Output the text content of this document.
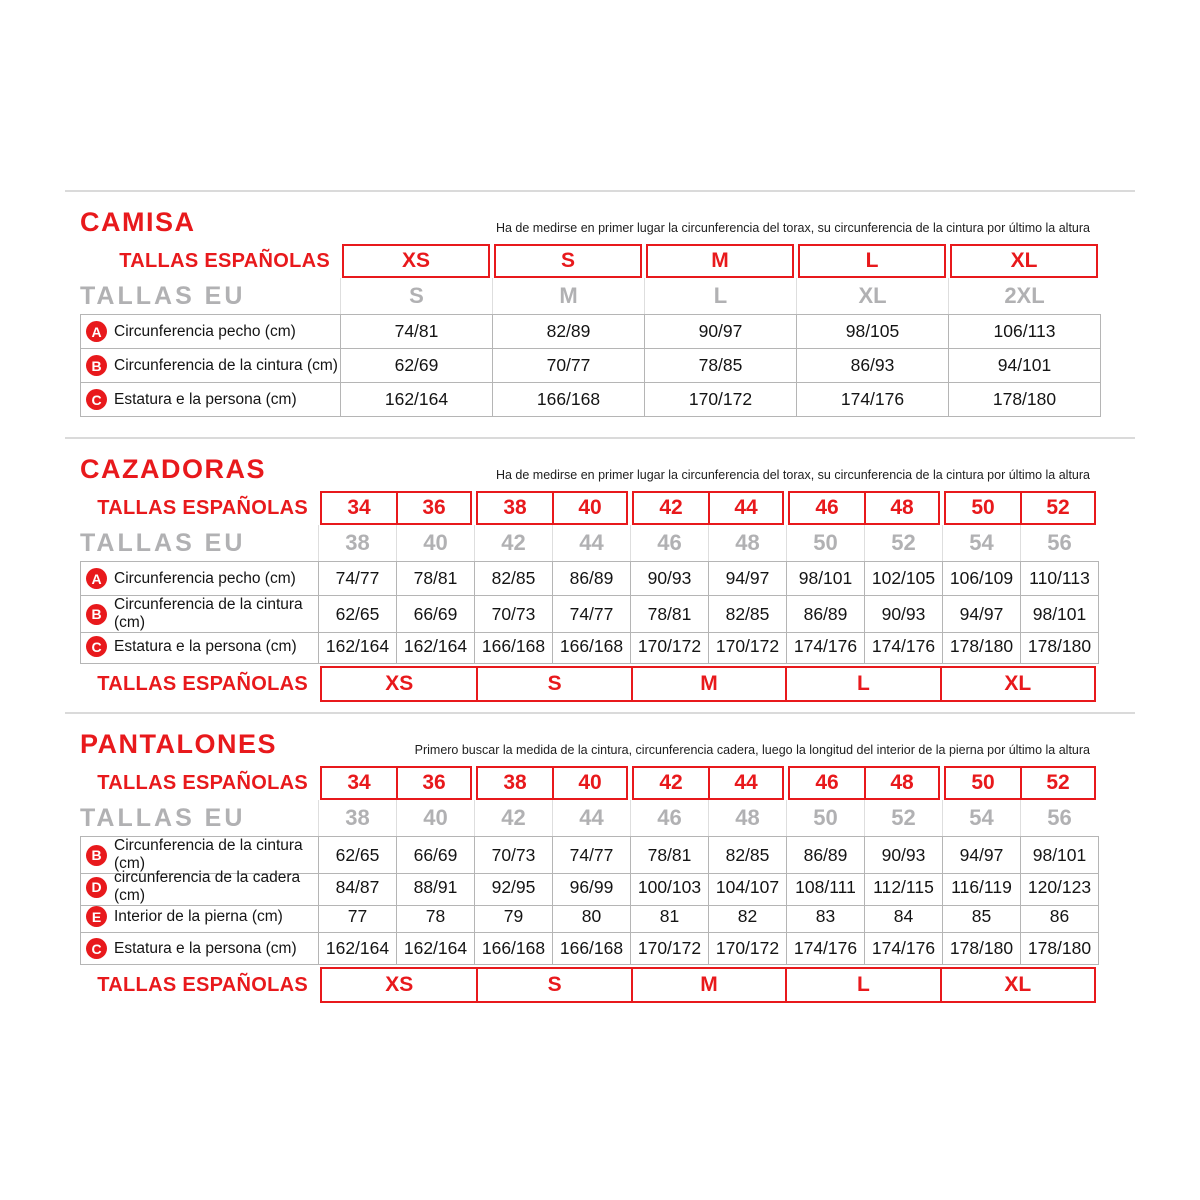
CAMISA	Ha de medirse en primer lugar la circunferencia del torax, su circunferencia de la cintura por último la altura

TALLAS ESPAÑOLAS	XS	S	M	L	XL
TALLAS EU	S	M	L	XL	2XL
A Circunferencia pecho (cm)	74/81	82/89	90/97	98/105	106/113
B Circunferencia de la cintura (cm)	62/69	70/77	78/85	86/93	94/101
C Estatura e la persona (cm)	162/164	166/168	170/172	174/176	178/180
CAZADORAS	Ha de medirse en primer lugar la circunferencia del torax, su circunferencia de la cintura por último la altura

TALLAS ESPAÑOLAS	34	36	38	40	42	44	46	48	50	52
TALLAS EU	38	40	42	44	46	48	50	52	54	56
A Circunferencia pecho (cm)	74/77	78/81	82/85	86/89	90/93	94/97	98/101	102/105 106/109 110/113
B
Circunferencia de la cintura (cm)	62/65	66/69	70/73	74/77	78/81	82/85	86/89	90/93	94/97	98/101
C Estatura e la persona (cm)	162/164 162/164 166/168 166/168 170/172 170/172 174/176 174/176 178/180 178/180
TALLAS ESPAÑOLAS	XS	S	M	L	XL
PANTALONES	Primero buscar la medida de la cintura, circunferencia cadera, luego la longitud del interior de la pierna por último la altura

TALLAS ESPAÑOLAS	34	36	38	40	42	44	46	48	50	52
TALLAS EU	38	40	42	44	46	48	50	52	54	56
B
Circunferencia de la cintura (cm)	62/65	66/69	70/73	74/77	78/81	82/85	86/89	90/93	94/97	98/101
D
circunferencia de la cadera (cm)	84/87	88/91	92/95	96/99	100/103 104/107 108/111 112/115 116/119 120/123
E Interior de la pierna (cm)	77	78	79	80	81	82	83	84	85	86
C Estatura e la persona (cm)	162/164 162/164 166/168 166/168 170/172 170/172 174/176 174/176 178/180 178/180
TALLAS ESPAÑOLAS	XS	S	M	L	XL
